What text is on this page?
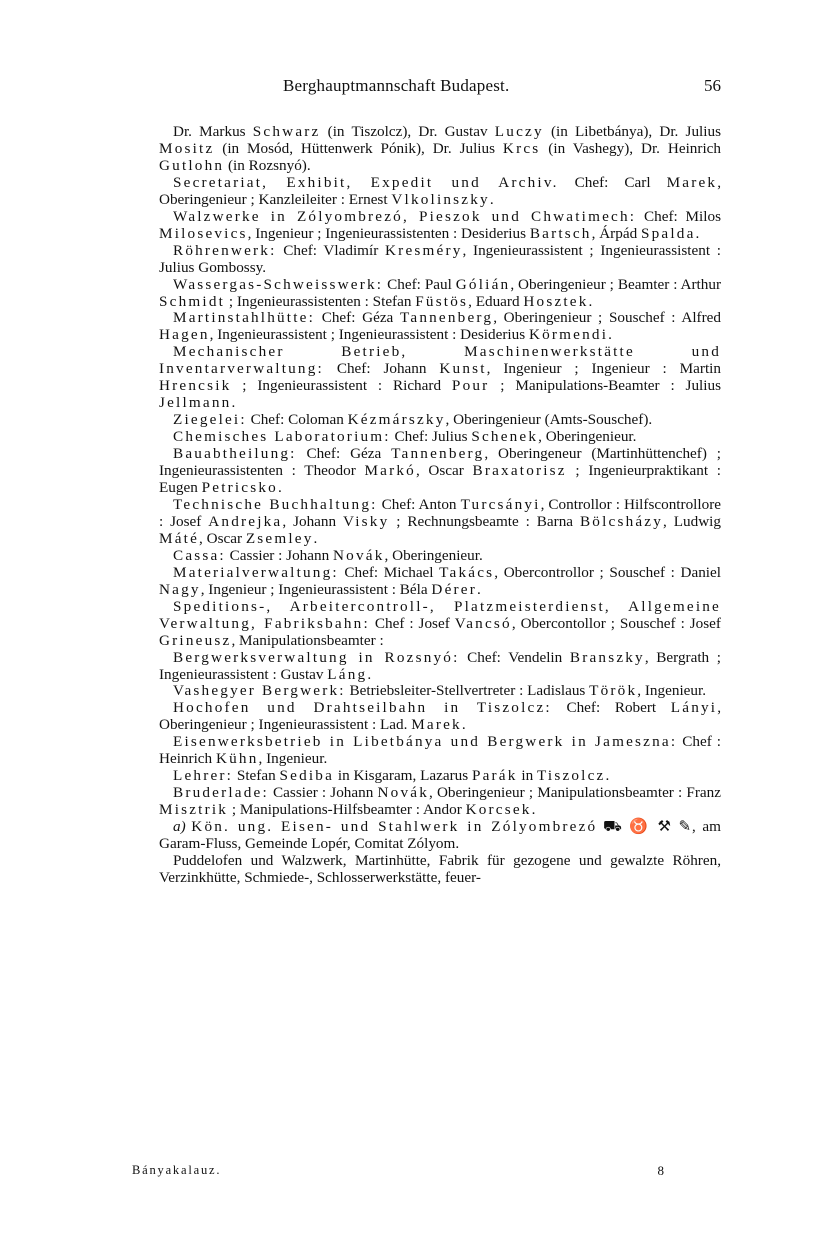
Berghauptmannschaft Budapest.	56

Dr. Markus Schwarz (in Tiszolcz), Dr. Gustav Luczy (in Libetbánya), Dr. Julius Mositz (in Mosód, Hüttenwerk Pónik), Dr. Julius Krcs (in Vashegy), Dr. Heinrich Gutlohn (in Rozsnyó).

Secretariat, Exhibit, Expedit und Archiv. Chef: Carl Marek, Oberingenieur ; Kanzleileiter : Ernest Vlkolinszky.

Walzwerke in Zólyombrezó, Pieszok und Chwatimech: Chef: Milos Milosevics, Ingenieur ; Ingenieurassistenten : Desiderius Bartsch, Árpád Spalda.

Röhrenwerk: Chef: Vladimír Kresméry, Ingenieurassistent ; Ingenieurassistent : Julius Gombossy.

Wassergas-Schweisswerk: Chef: Paul Gólián, Oberingenieur ; Beamter : Arthur Schmidt ; Ingenieurassistenten : Stefan Füstös, Eduard Hosztek.

Martinstahlhütte: Chef: Géza Tannenberg, Oberingenieur ; Souschef : Alfred Hagen, Ingenieurassistent ; Ingenieurassistent : Desiderius Körmendi.

Mechanischer Betrieb, Maschinenwerkstätte und Inventarverwaltung: Chef: Johann Kunst, Ingenieur ; Ingenieur : Martin Hrencsik ; Ingenieurassistent : Richard Pour ; Manipulations-Beamter : Julius Jellmann.

Ziegelei: Chef: Coloman Kézmárszky, Oberingenieur (Amts-Souschef).

Chemisches Laboratorium: Chef: Julius Schenek, Oberingenieur.

Bauabtheilung: Chef: Géza Tannenberg, Oberingeneur (Martinhüttenchef) ; Ingenieurassistenten : Theodor Markó, Oscar Braxatorisz ; Ingenieurpraktikant : Eugen Petricsko.

Technische Buchhaltung: Chef: Anton Turcsányi, Controllor : Hilfscontrollore : Josef Andrejka, Johann Visky ; Rechnungsbeamte : Barna Bölcsházy, Ludwig Máté, Oscar Zsemley.

Cassa: Cassier : Johann Novák, Oberingenieur.

Materialverwaltung: Chef: Michael Takács, Obercontrollor ; Souschef : Daniel Nagy, Ingenieur ; Ingenieurassistent : Béla Dérer.

Speditions-, Arbeitercontroll-, Platzmeisterdienst, Allgemeine Verwaltung, Fabriksbahn: Chef : Josef Vancsó, Obercontollor ; Souschef : Josef Grineusz, Manipulationsbeamter :

Bergwerksverwaltung in Rozsnyó: Chef: Vendelin Branszky, Bergrath ; Ingenieurassistent : Gustav Láng.

Vashegyer Bergwerk: Betriebsleiter-Stellvertreter : Ladislaus Török, Ingenieur.

Hochofen und Drahtseilbahn in Tiszolcz: Chef: Robert Lányi, Oberingenieur ; Ingenieurassistent : Lad. Marek.

Eisenwerksbetrieb in Libetbánya und Bergwerk in Jameszna: Chef : Heinrich Kühn, Ingenieur.

Lehrer: Stefan Sediba in Kisgaram, Lazarus Parák in Tiszolcz.

Bruderlade: Cassier : Johann Novák, Oberingenieur ; Manipulationsbeamter : Franz Misztrik ; Manipulations-Hilfsbeamter : Andor Korcsek.

a) Kön. ung. Eisen- und Stahlwerk in Zólyombrezó ⛟ ♉ ⚒ ✎, am Garam-Fluss, Gemeinde Lopér, Comitat Zólyom.

Puddelofen und Walzwerk, Martinhütte, Fabrik für gezogene und gewalzte Röhren, Verzinkhütte, Schmiede-, Schlosserwerkstätte, feuer-

Bányakalauz.	8
